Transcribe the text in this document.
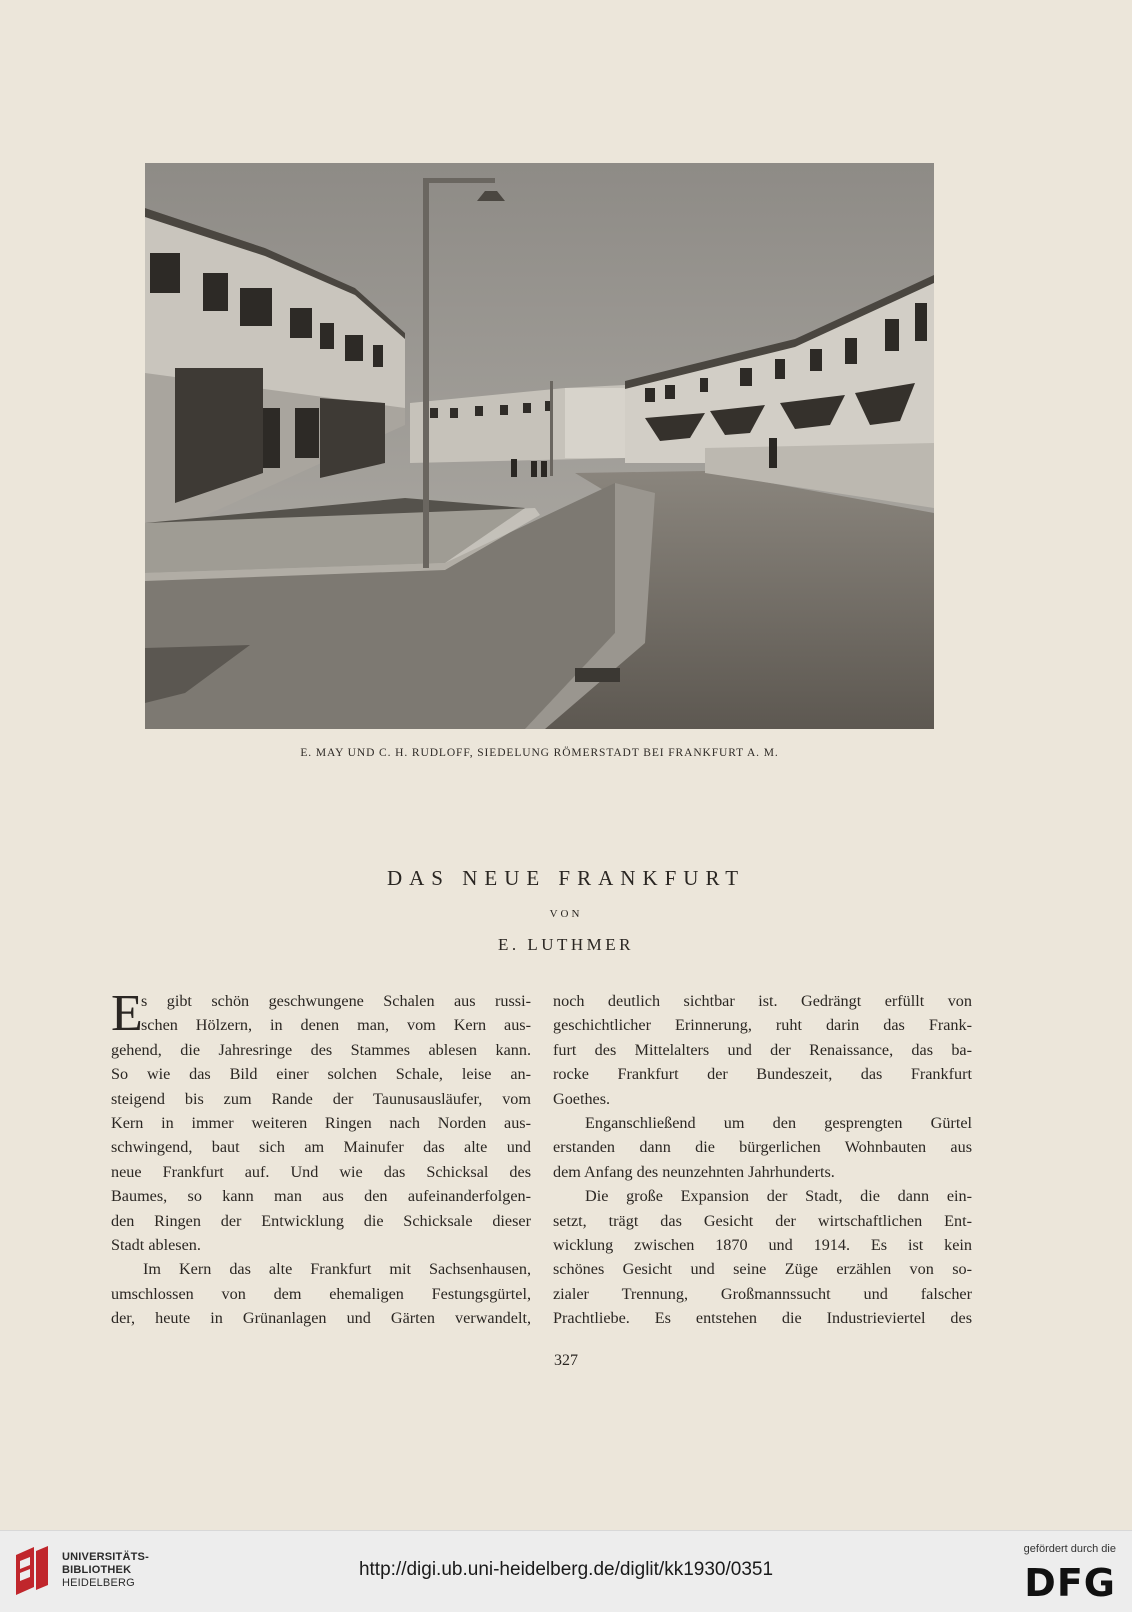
E. MAY UND C. H. RUDLOFF, SIEDELUNG RÖMERSTADT BEI FRANKFURT A. M.
DAS NEUE FRANKFURT
VON
E. LUTHMER
E
s gibt schön geschwungene Schalen aus russi-
schen Hölzern, in denen man, vom Kern aus-
gehend, die Jahresringe des Stammes ablesen kann.
So wie das Bild einer solchen Schale, leise an-
steigend bis zum Rande der Taunusausläufer, vom
Kern in immer weiteren Ringen nach Norden aus-
schwingend, baut sich am Mainufer das alte und
neue Frankfurt auf. Und wie das Schicksal des
Baumes, so kann man aus den aufeinanderfolgen-
den Ringen der Entwicklung die Schicksale dieser
Stadt ablesen.
Im Kern das alte Frankfurt mit Sachsenhausen,
umschlossen von dem ehemaligen Festungsgürtel,
der, heute in Grünanlagen und Gärten verwandelt,
noch deutlich sichtbar ist. Gedrängt erfüllt von
geschichtlicher Erinnerung, ruht darin das Frank-
furt des Mittelalters und der Renaissance, das ba-
rocke Frankfurt der Bundeszeit, das Frankfurt
Goethes.
Enganschließend um den gesprengten Gürtel
erstanden dann die bürgerlichen Wohnbauten aus
dem Anfang des neunzehnten Jahrhunderts.
Die große Expansion der Stadt, die dann ein-
setzt, trägt das Gesicht der wirtschaftlichen Ent-
wicklung zwischen 1870 und 1914. Es ist kein
schönes Gesicht und seine Züge erzählen von so-
zialer Trennung, Großmannssucht und falscher
Prachtliebe. Es entstehen die Industrieviertel des
327
UNIVERSITÄTS-
BIBLIOTHEK
HEIDELBERG
http://digi.ub.uni-heidelberg.de/diglit/kk1930/0351
gefördert durch die
DFG
